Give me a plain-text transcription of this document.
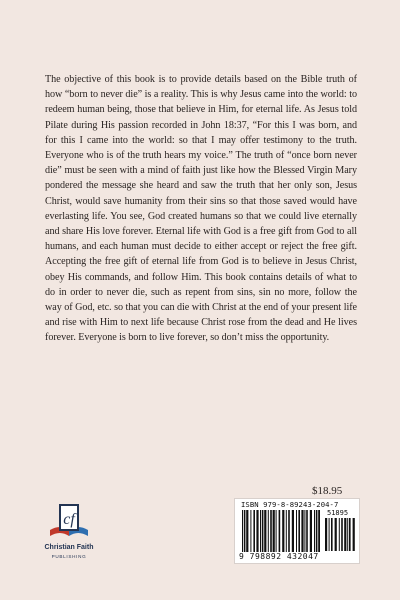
The objective of this book is to provide details based on the Bible truth of how “born to never die” is a reality. This is why Jesus came into the world: to redeem human being, those that believe in Him, for eternal life. As Jesus told Pilate during His passion recorded in John 18:37, “For this I was born, and for this I came into the world: so that I may offer testimony to the truth. Everyone who is of the truth hears my voice.” The truth of “once born never die” must be seen with a mind of faith just like how the Blessed Virgin Mary pondered the message she heard and saw the truth that her only son, Jesus Christ, would save humanity from their sins so that those saved would have everlasting life. You see, God created humans so that we could live eternally and share His love forever. Eternal life with God is a free gift from God to all humans, and each human must decide to either accept or reject the free gift. Accepting the free gift of eternal life from God is to believe in Jesus Christ, obey His commands, and follow Him. This book contains details of what to do in order to never die, such as repent from sins, sin no more, follow the way of God, etc. so that you can die with Christ at the end of your present life and rise with Him to next life because Christ rose from the dead and He lives forever. Everyone is born to live forever, so don’t miss the opportunity.

$18.95
ISBN 979-8-89243-204-7
51895
9 798892 432047
cf
Christian Faith
PUBLISHING
